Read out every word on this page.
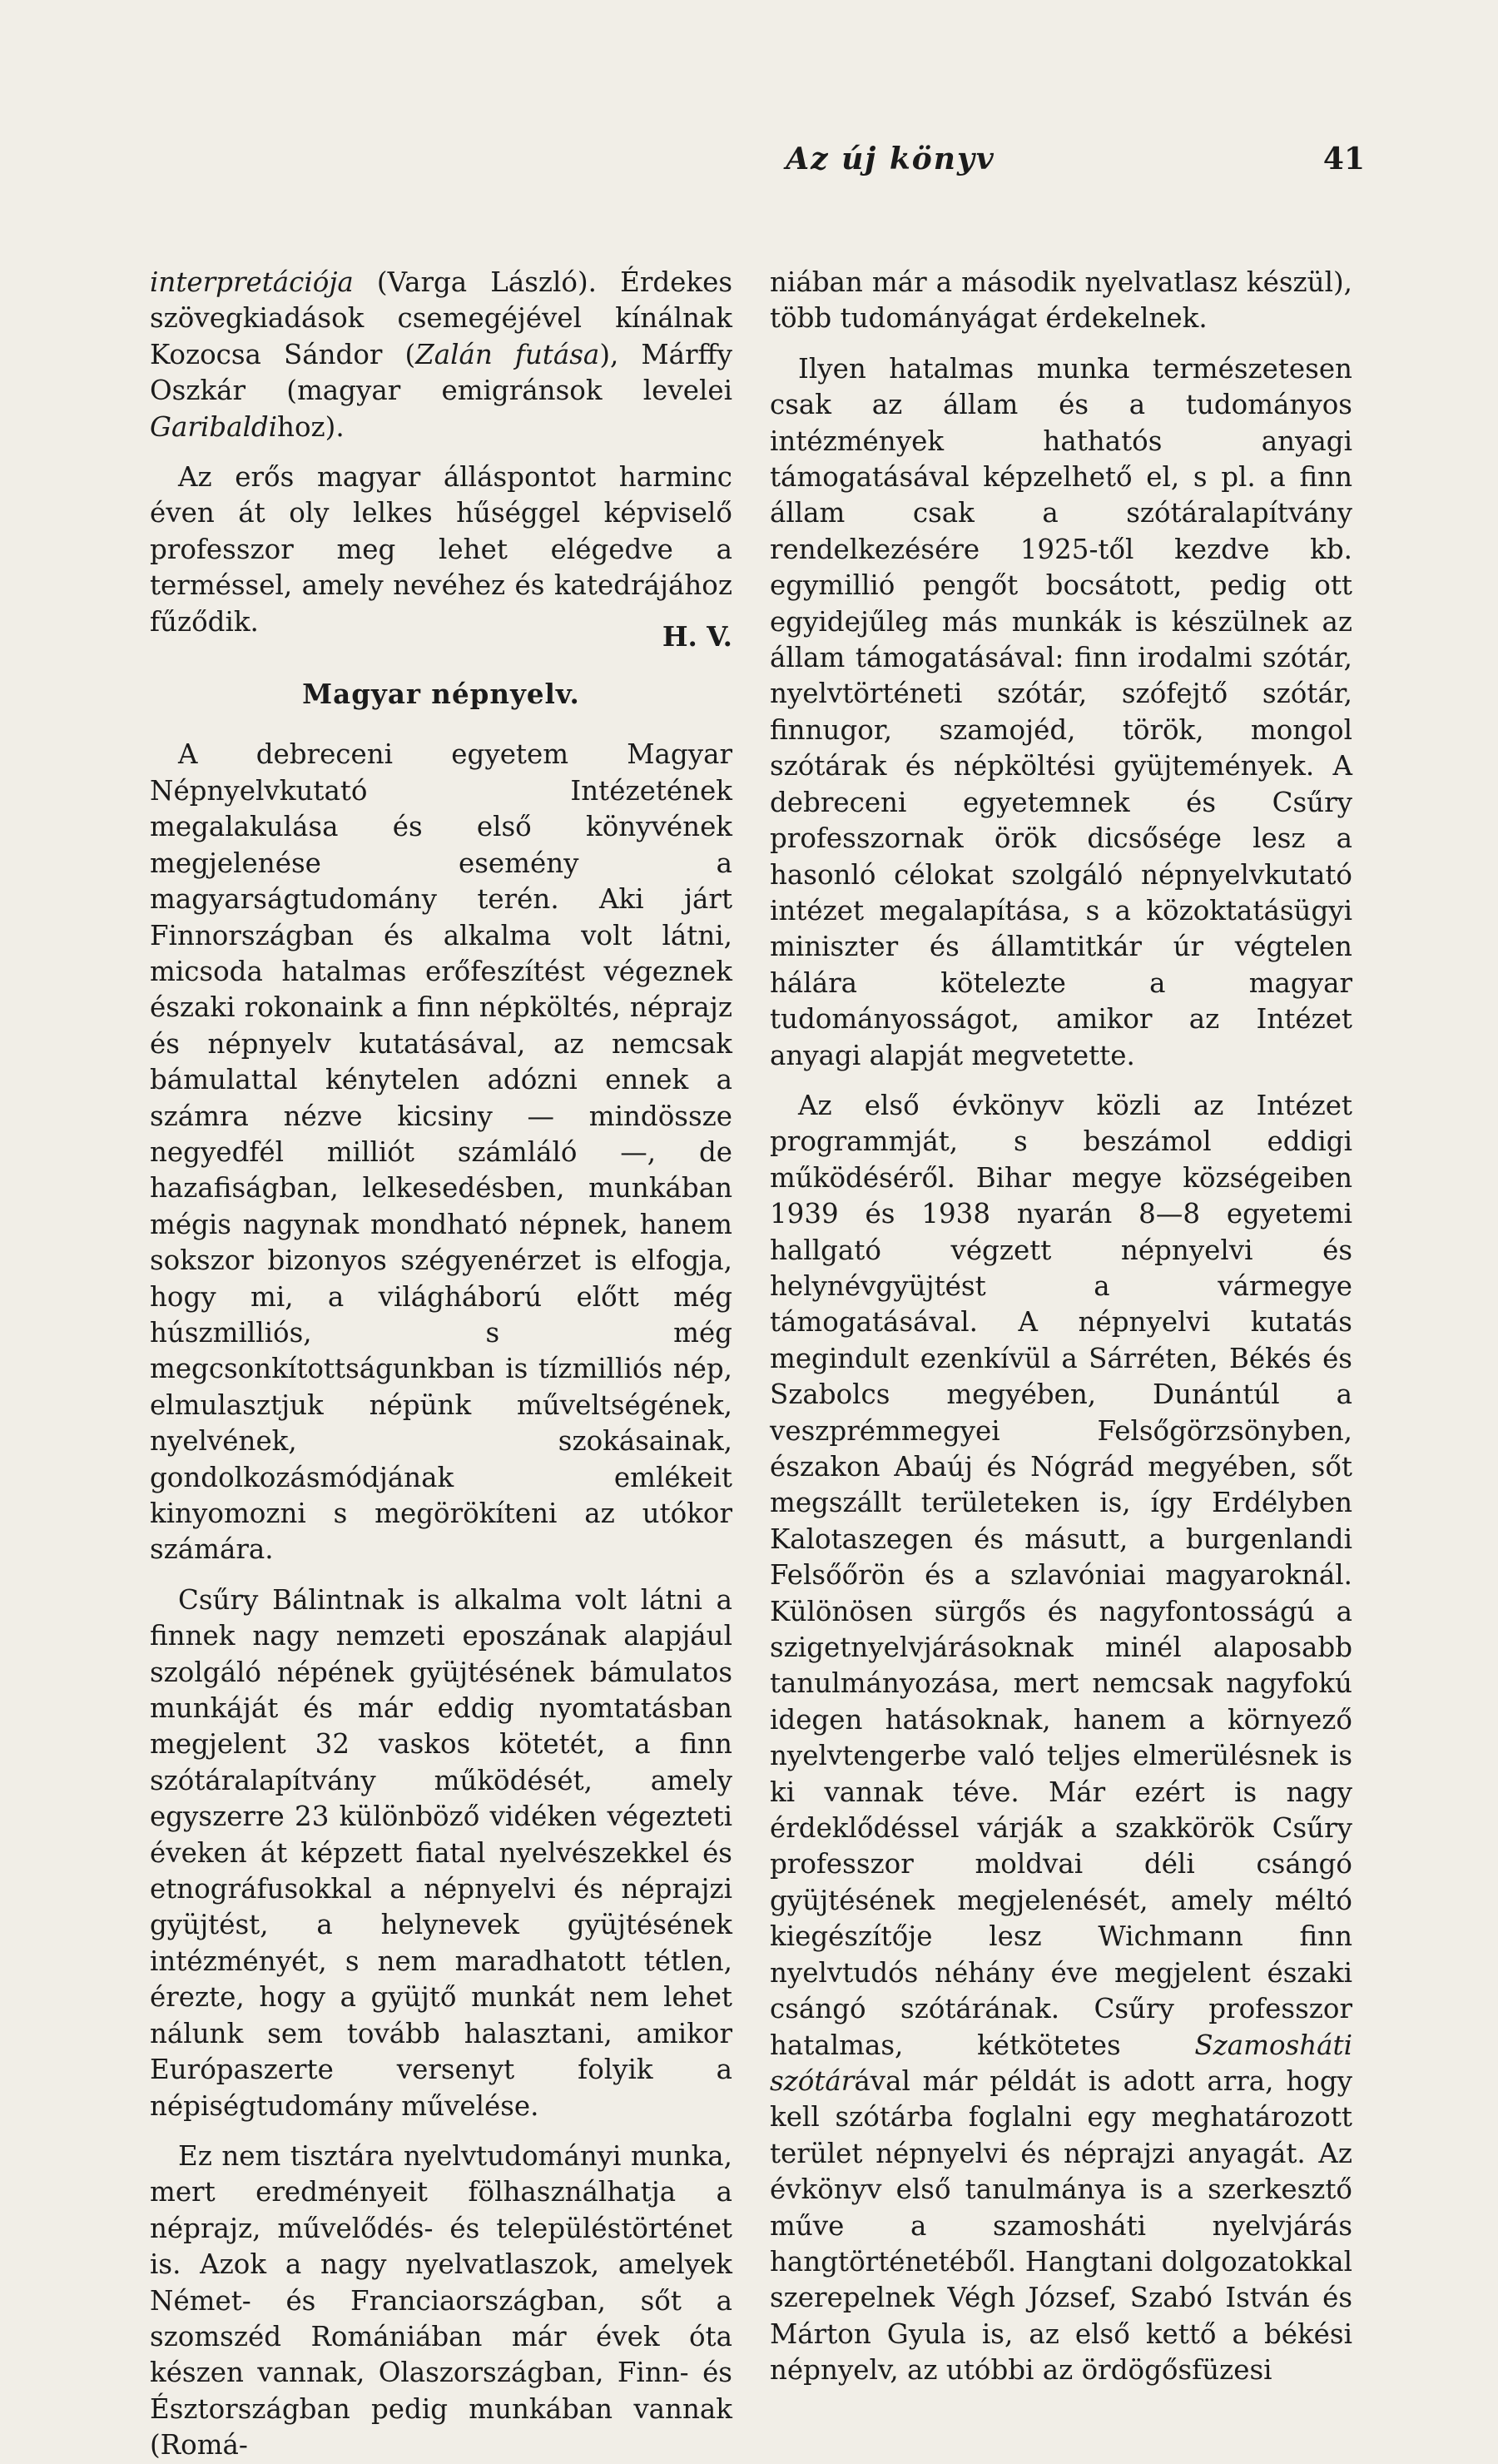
Az új könyv	41

interpretációja (Varga László). Érdekes szövegkiadások csemegéjével kínálnak Kozocsa Sándor (Zalán futása), Márffy Oszkár (magyar emigránsok levelei Garibaldihoz).

Az erős magyar álláspontot harminc éven át oly lelkes hűséggel képviselő professzor meg lehet elégedve a terméssel, amely nevéhez és katedrájához fűződik.	H. V.
Magyar népnyelv.

A debreceni egyetem Magyar Népnyelvkutató Intézetének megalakulása és első könyvének megjelenése esemény a magyarságtudomány terén. Aki járt Finnországban és alkalma volt látni, micsoda hatalmas erőfeszítést végeznek északi rokonaink a finn népköltés, néprajz és népnyelv kutatásával, az nemcsak bámulattal kénytelen adózni ennek a számra nézve kicsiny — mindössze negyedfél milliót számláló —, de hazafiságban, lelkesedésben, munkában mégis nagynak mondható népnek, hanem sokszor bizonyos szégyenérzet is elfogja, hogy mi, a világháború előtt még húszmilliós, s még megcsonkítottságunkban is tízmilliós nép, elmulasztjuk népünk műveltségének, nyelvének, szokásainak, gondolkozásmódjának emlékeit kinyomozni s megörökíteni az utókor számára.

Csűry Bálintnak is alkalma volt látni a finnek nagy nemzeti eposzának alapjául szolgáló népének gyüjtésének bámulatos munkáját és már eddig nyomtatásban megjelent 32 vaskos kötetét, a finn szótáralapítvány működését, amely egyszerre 23 különböző vidéken végezteti éveken át képzett fiatal nyelvészekkel és etnográfusokkal a népnyelvi és néprajzi gyüjtést, a helynevek gyüjtésének intézményét, s nem maradhatott tétlen, érezte, hogy a gyüjtő munkát nem lehet nálunk sem tovább halasztani, amikor Európaszerte versenyt folyik a népiségtudomány művelése.

Ez nem tisztára nyelvtudományi munka, mert eredményeit fölhasználhatja a néprajz, művelődés- és településtörténet is. Azok a nagy nyelvatlaszok, amelyek Német- és Franciaországban, sőt a szomszéd Romániában már évek óta készen vannak, Olaszországban, Finn- és Észtországban pedig munkában vannak (Romá-

niában már a második nyelvatlasz készül), több tudományágat érdekelnek.

Ilyen hatalmas munka természetesen csak az állam és a tudományos intézmények hathatós anyagi támogatásával képzelhető el, s pl. a finn állam csak a szótáralapítvány rendelkezésére 1925-től kezdve kb. egymillió pengőt bocsátott, pedig ott egyidejűleg más munkák is készülnek az állam támogatásával: finn irodalmi szótár, nyelvtörténeti szótár, szófejtő szótár, finnugor, szamojéd, török, mongol szótárak és népköltési gyüjtemények. A debreceni egyetemnek és Csűry professzornak örök dicsősége lesz a hasonló célokat szolgáló népnyelvkutató intézet megalapítása, s a közoktatásügyi miniszter és államtitkár úr végtelen hálára kötelezte a magyar tudományosságot, amikor az Intézet anyagi alapját megvetette.

Az első évkönyv közli az Intézet programmját, s beszámol eddigi működéséről. Bihar megye községeiben 1939 és 1938 nyarán 8—8 egyetemi hallgató végzett népnyelvi és helynévgyüjtést a vármegye támogatásával. A népnyelvi kutatás megindult ezenkívül a Sárréten, Békés és Szabolcs megyében, Dunántúl a veszprémmegyei Felsőgörzsönyben, északon Abaúj és Nógrád megyében, sőt megszállt területeken is, így Erdélyben Kalotaszegen és másutt, a burgenlandi Felsőőrön és a szlavóniai magyaroknál. Különösen sürgős és nagyfontosságú a szigetnyelvjárásoknak minél alaposabb tanulmányozása, mert nemcsak nagyfokú idegen hatásoknak, hanem a környező nyelvtengerbe való teljes elmerülésnek is ki vannak téve. Már ezért is nagy érdeklődéssel várják a szakkörök Csűry professzor moldvai déli csángó gyüjtésének megjelenését, amely méltó kiegészítője lesz Wichmann finn nyelvtudós néhány éve megjelent északi csángó szótárának. Csűry professzor hatalmas, kétkötetes Szamosháti szótárával már példát is adott arra, hogy kell szótárba foglalni egy meghatározott terület népnyelvi és néprajzi anyagát. Az évkönyv első tanulmánya is a szerkesztő műve a szamosháti nyelvjárás hangtörténetéből. Hangtani dolgozatokkal szerepelnek Végh József, Szabó István és Márton Gyula is, az első kettő a békési népnyelv, az utóbbi az ördögősfüzesi
